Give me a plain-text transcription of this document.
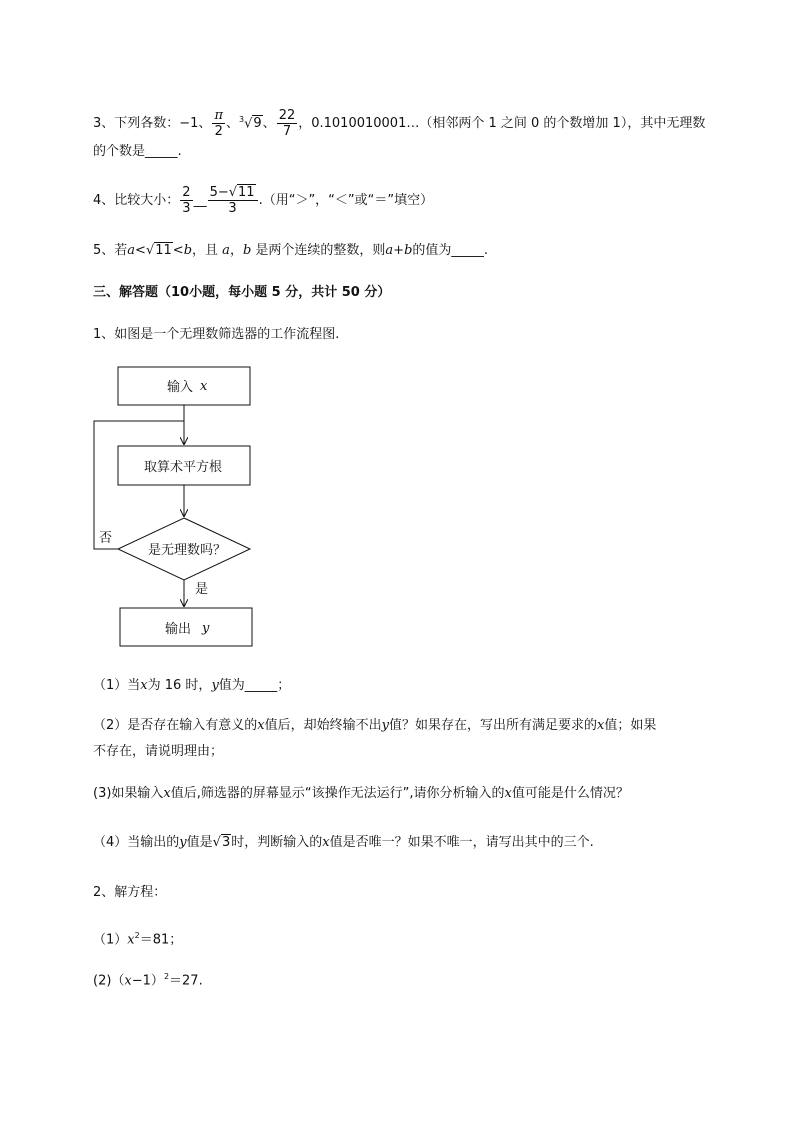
3、下列各数：−1、 $\frac{\pi}{2}$ 、$^3$√9、 $\frac{22}{7}$ ，0.1010010001…（相邻两个 1 之间 0 的个数增加 1），其中无理数
的个数是_____.
4、比较大小： $\frac{2}{3}$ __ $\frac{5-√11}{3}$ .（用“＞”，“＜”或“＝”填空）
5、若a<√11<b，且 a，b 是两个连续的整数，则a+b的值为_____.
三、解答题（10小题，每小题 5 分，共计 50 分）
1、如图是一个无理数筛选器的工作流程图.
输入 x
取算术平方根
是无理数吗？
否
是
输出 y
（1）当x为 16 时，y值为_____；
（2）是否存在输入有意义的x值后，却始终输不出y值？如果存在，写出所有满足要求的x值；如果
不存在，请说明理由；
(3)如果输入x值后,筛选器的屏幕显示“该操作无法运行”,请你分析输入的x值可能是什么情况？
（4）当输出的y值是√3时，判断输入的x值是否唯一？如果不唯一，请写出其中的三个.
2、解方程：
$(1)x^2=81$；
$(2)(x-1)^2=27$.
